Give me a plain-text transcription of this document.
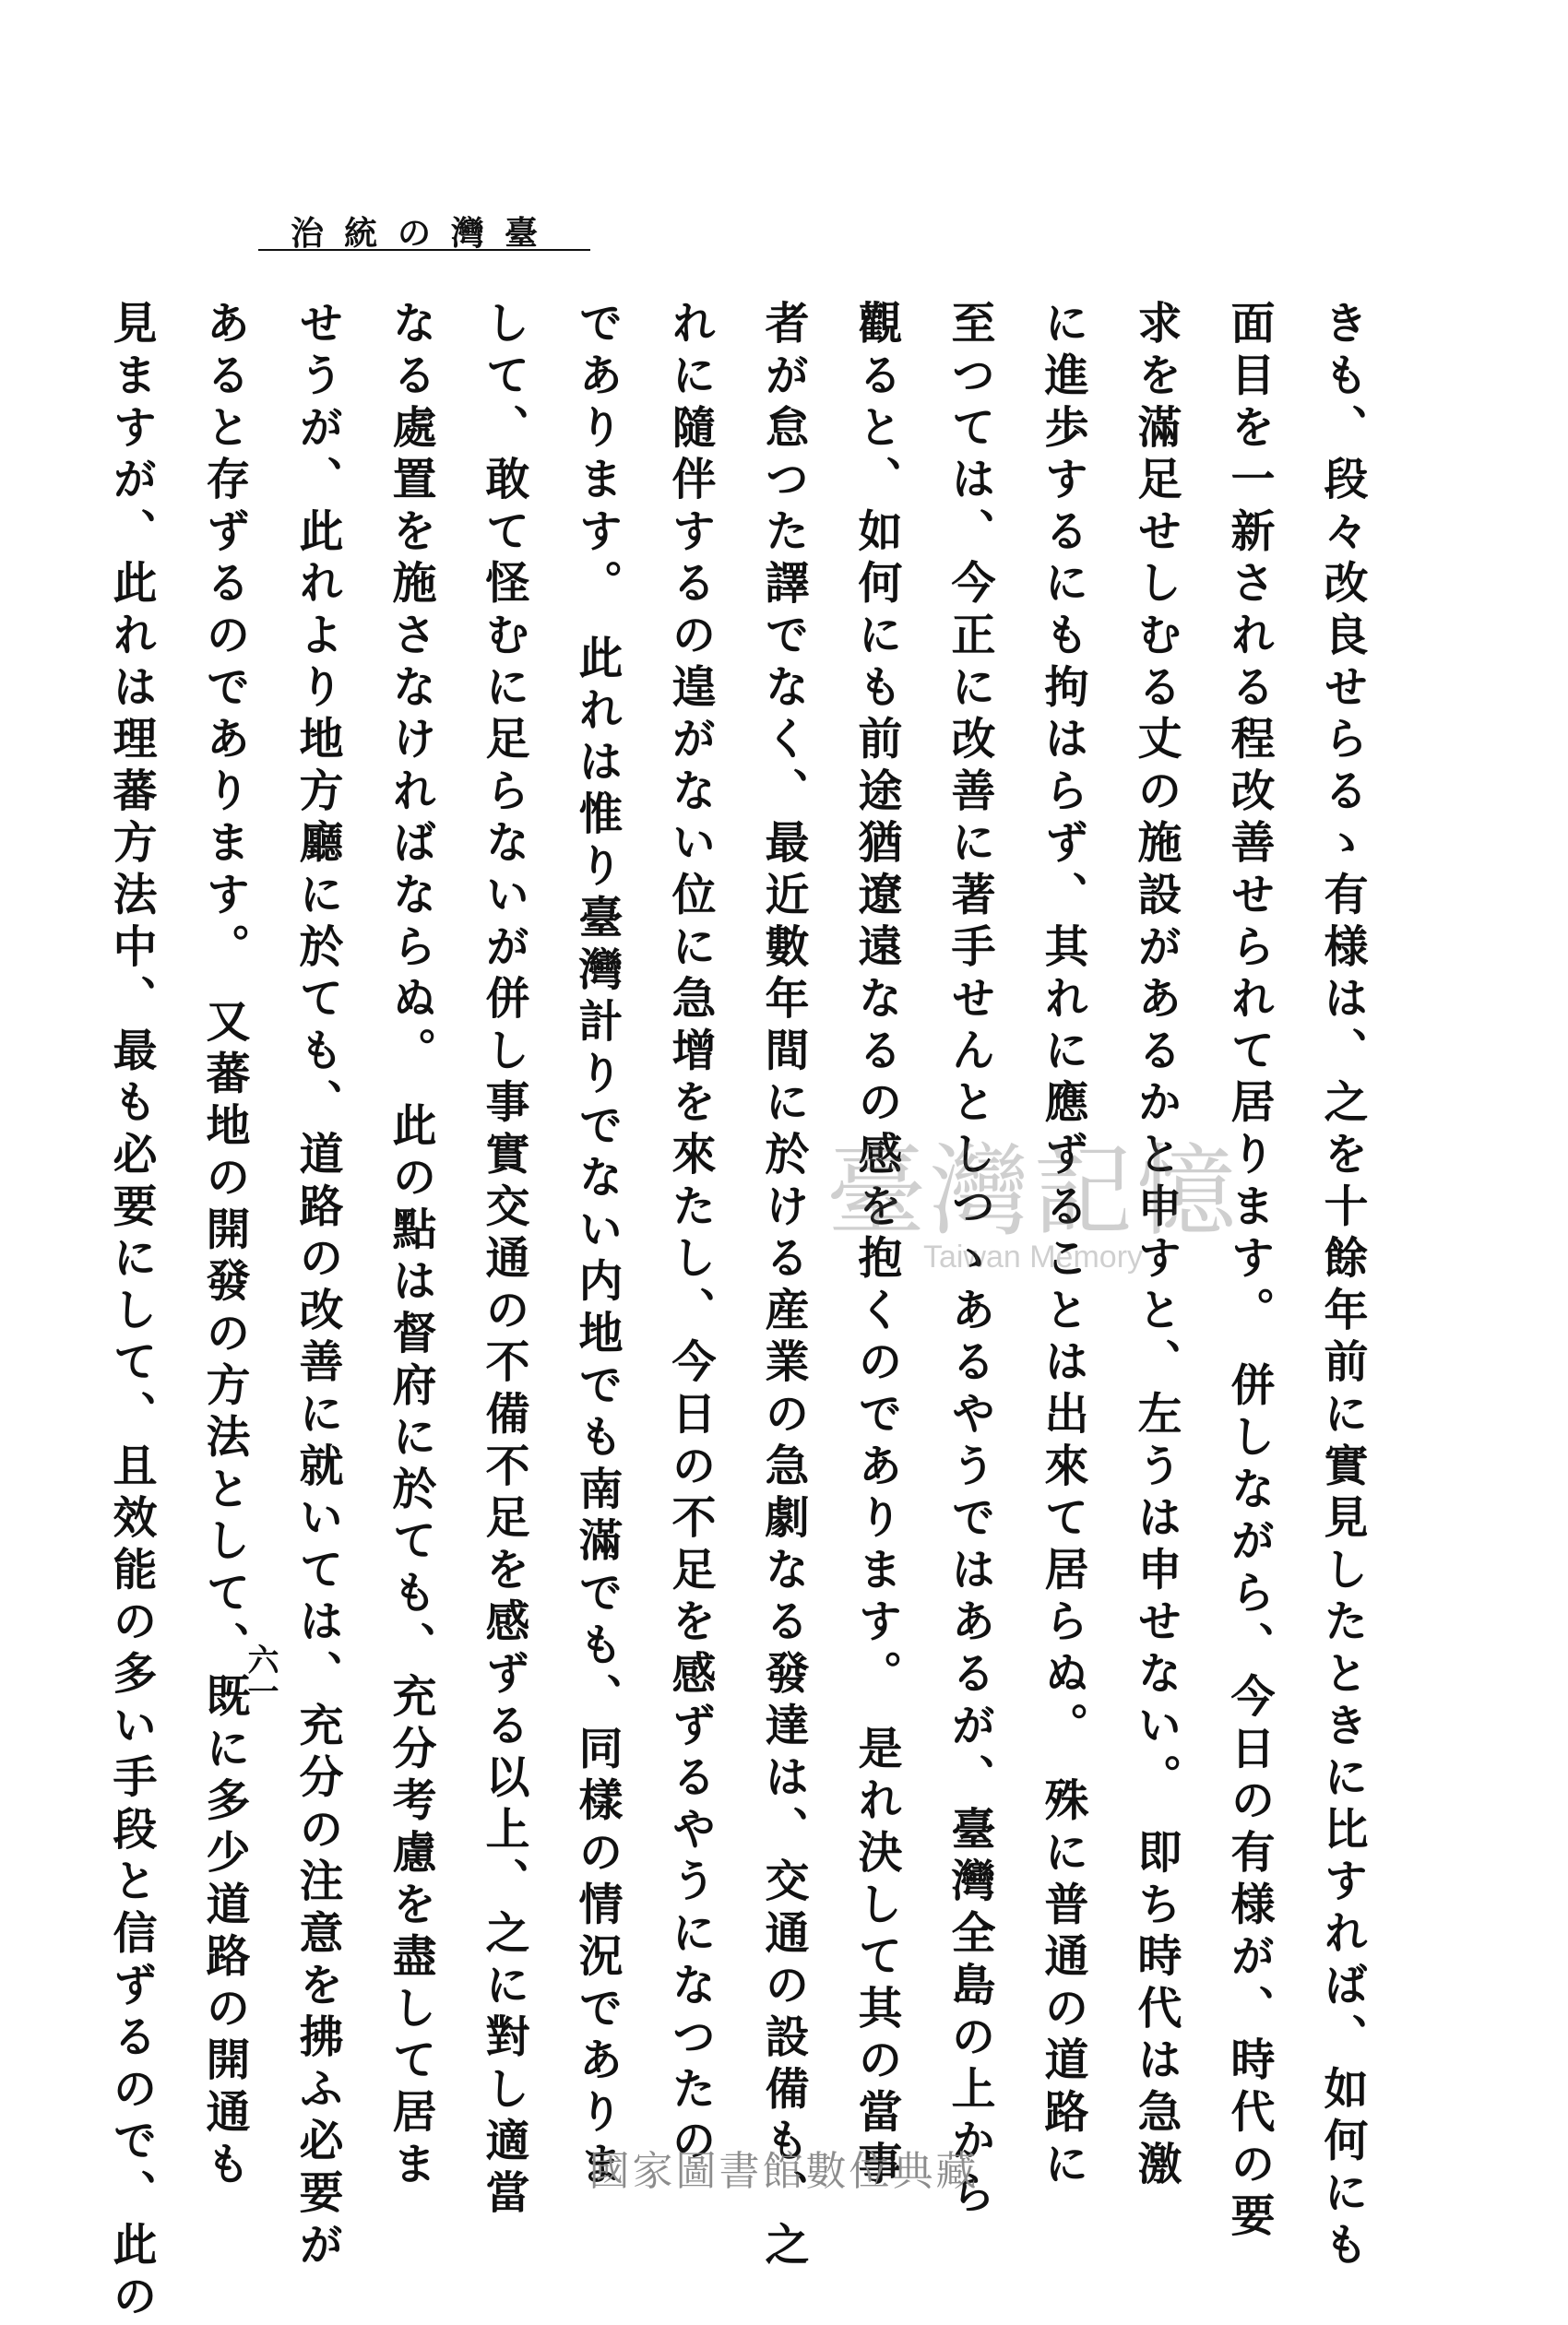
臺灣の統治
六一	きも、段々改良せらるゝ有様は、之を十餘年前に實見したときに比すれば、如何にも
面目を一新される程改善せられて居ります。 併しながら、今日の有様が、時代の要
求を滿足せしむる丈の施設があるかと申すと、左うは申せない。 即ち時代は急激
に進歩するにも拘はらず、其れに應ずることは出來て居らぬ。 殊に普通の道路に
至つては、今正に改善に著手せんとしつゝあるやうではあるが、臺灣全島の上から
觀ると、如何にも前途猶遼遠なるの感を抱くのであります。 是れ決して其の當事
者が怠つた譯でなく、最近數年間に於ける産業の急劇なる發達は、交通の設備も、之
れに隨伴するの遑がない位に急增を來たし、今日の不足を感ずるやうになつたの
であります。 此れは惟り臺灣計りでない内地でも南滿でも、同樣の情況でありま
して、敢て怪むに足らないが併し事實交通の不備不足を感ずる以上、之に對し適當
なる處置を施さなければならぬ。 此の點は督府に於ても、充分考慮を盡して居ま
せうが、此れより地方廳に於ても、道路の改善に就いては、充分の注意を拂ふ必要が
あると存ずるのであります。 又蕃地の開發の方法として、既に多少道路の開通も
見ますが、此れは理蕃方法中、最も必要にして、且效能の多い手段と信ずるので、此の	臺灣記憶
Taiwan Memory
國家圖書館數位典藏
